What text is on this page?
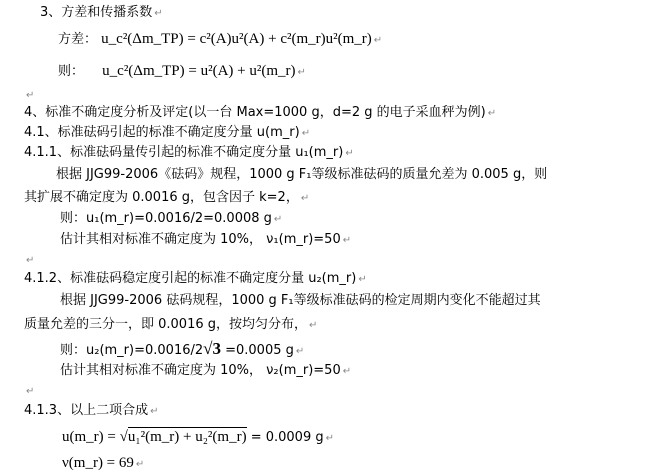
3、方差和传播系数 ↵
方差： u_c²(Δm_TP) = c²(A)u²(A) + c²(m_r)u²(m_r) ↵
则： u_c²(Δm_TP) = u²(A) + u²(m_r) ↵
↵
4、标准不确定度分析及评定(以一台 Max=1000 g，d=2 g 的电子采血秤为例) ↵
4.1、标准砝码引起的标准不确定度分量 u(m_r) ↵
4.1.1、标准砝码量传引起的标准不确定度分量 u₁(m_r) ↵
根据 JJG99-2006《砝码》规程，1000 g F₁等级标准砝码的质量允差为 0.005 g，则
其扩展不确定度为 0.0016 g，包含因子 k=2， ↵
则：u₁(m_r)=0.0016/2=0.0008 g ↵
估计其相对标准不确定度为 10%， ν₁(m_r)=50 ↵
↵
4.1.2、标准砝码稳定度引起的标准不确定度分量 u₂(m_r) ↵
根据 JJG99-2006 砝码规程，1000 g F₁等级标准砝码的检定周期内变化不能超过其
质量允差的三分一，即 0.0016 g，按均匀分布， ↵
则：u₂(m_r)=0.0016/2√3 =0.0005 g ↵
估计其相对标准不确定度为 10%， ν₂(m_r)=50 ↵
↵
4.1.3、以上二项合成 ↵
u(m_r) = √u₁²(m_r) + u₂²(m_r) = 0.0009 g ↵
ν(m_r) = 69 ↵
